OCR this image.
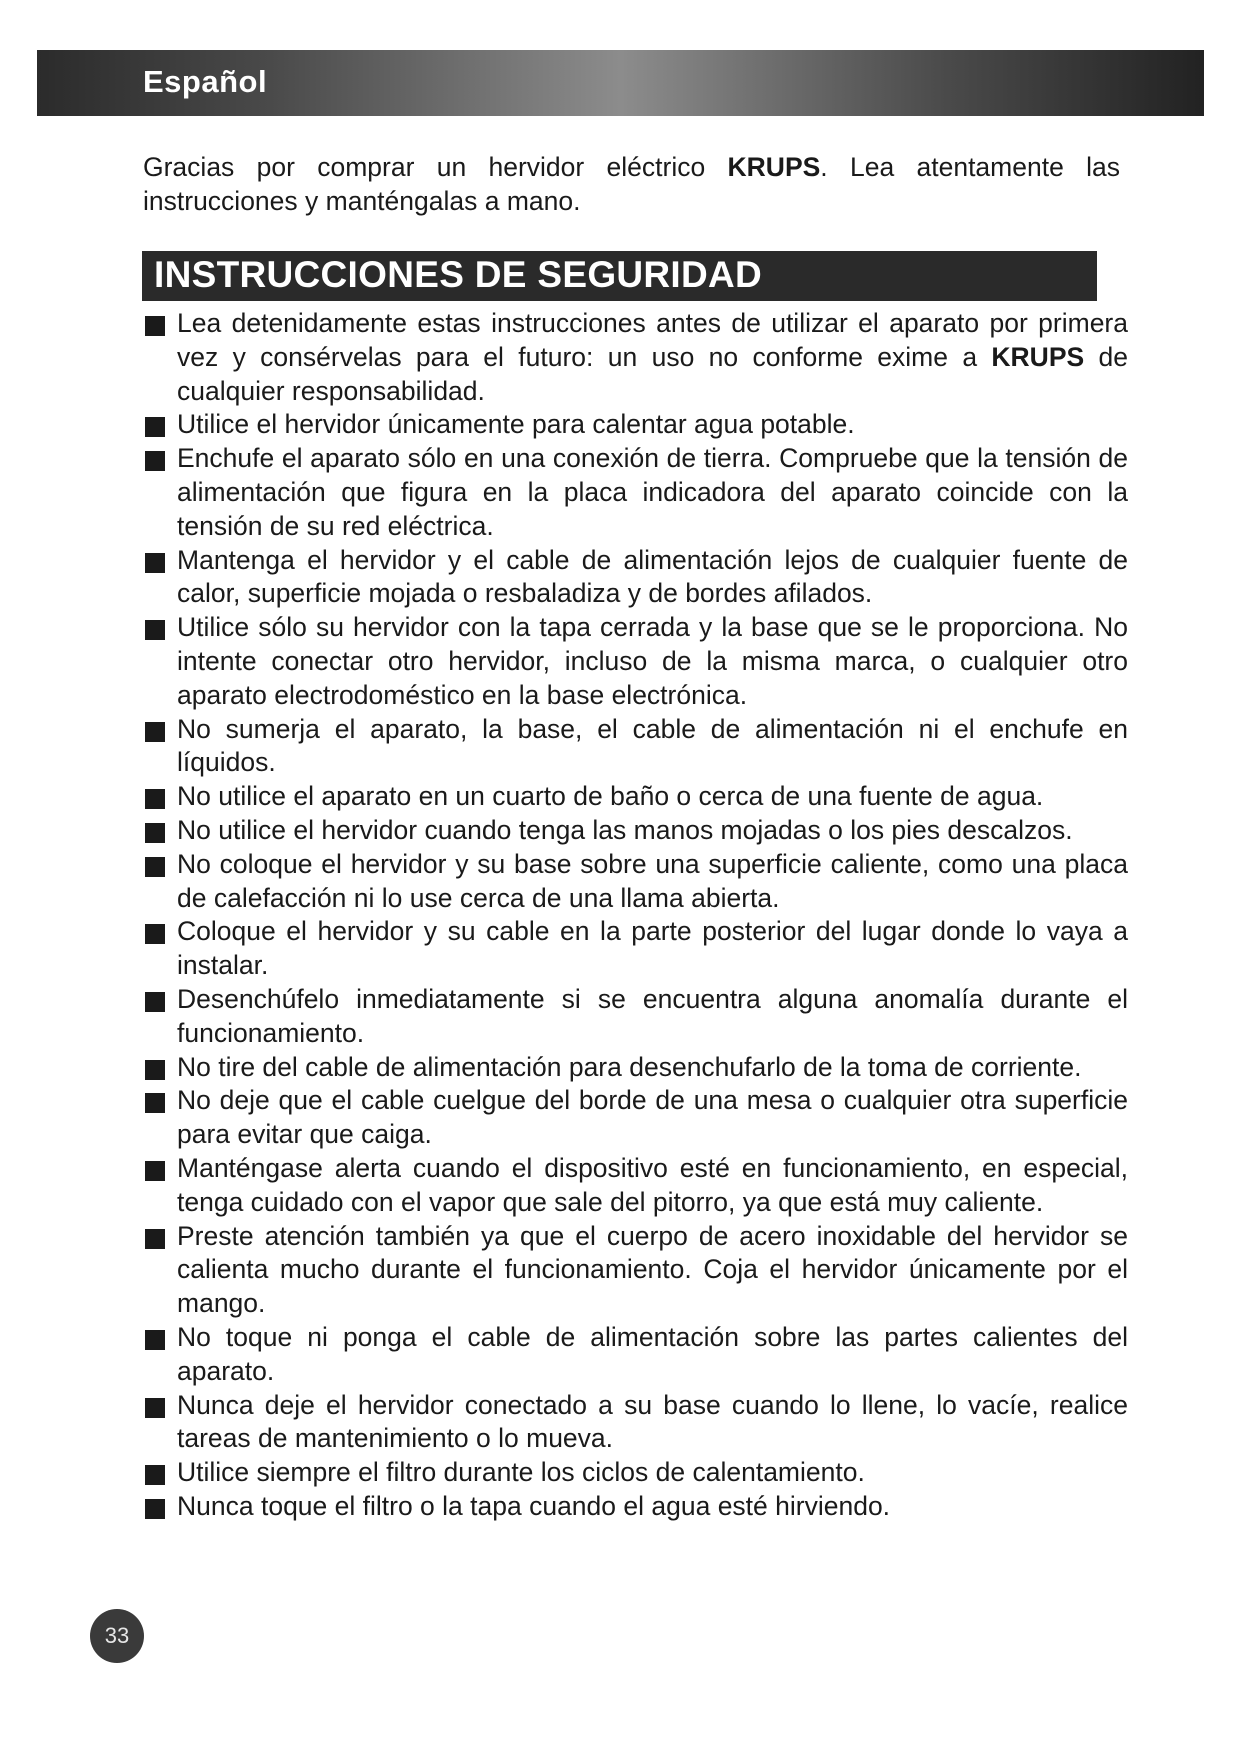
Español

Gracias por comprar un hervidor eléctrico KRUPS. Lea atentamente las instrucciones y manténgalas a mano.

INSTRUCCIONES DE SEGURIDAD
Lea detenidamente estas instrucciones antes de utilizar el aparato por primera vez y consérvelas para el futuro: un uso no conforme exime a KRUPS de cualquier responsabilidad.
Utilice el hervidor únicamente para calentar agua potable.
Enchufe el aparato sólo en una conexión de tierra. Compruebe que la tensión de alimentación que figura en la placa indicadora del aparato coincide con la tensión de su red eléctrica.
Mantenga el hervidor y el cable de alimentación lejos de cualquier fuente de calor, superficie mojada o resbaladiza y de bordes afilados.
Utilice sólo su hervidor con la tapa cerrada y la base que se le proporciona. No intente conectar otro hervidor, incluso de la misma marca, o cualquier otro aparato electrodoméstico en la base electrónica.
No sumerja el aparato, la base, el cable de alimentación ni el enchufe en líquidos.
No utilice el aparato en un cuarto de baño o cerca de una fuente de agua.
No utilice el hervidor cuando tenga las manos mojadas o los pies descalzos.
No coloque el hervidor y su base sobre una superficie caliente, como una placa de calefacción ni lo use cerca de una llama abierta.
Coloque el hervidor y su cable en la parte posterior del lugar donde lo vaya a instalar.
Desenchúfelo inmediatamente si se encuentra alguna anomalía durante el funcionamiento.
No tire del cable de alimentación para desenchufarlo de la toma de corriente.
No deje que el cable cuelgue del borde de una mesa o cualquier otra superficie para evitar que caiga.
Manténgase alerta cuando el dispositivo esté en funcionamiento, en especial, tenga cuidado con el vapor que sale del pitorro, ya que está muy caliente.
Preste atención también ya que el cuerpo de acero inoxidable del hervidor se calienta mucho durante el funcionamiento. Coja el hervidor únicamente por el mango.
No toque ni ponga el cable de alimentación sobre las partes calientes del aparato.
Nunca deje el hervidor conectado a su base cuando lo llene, lo vacíe, realice tareas de mantenimiento o lo mueva.
Utilice siempre el filtro durante los ciclos de calentamiento.
Nunca toque el filtro o la tapa cuando el agua esté hirviendo.
33
